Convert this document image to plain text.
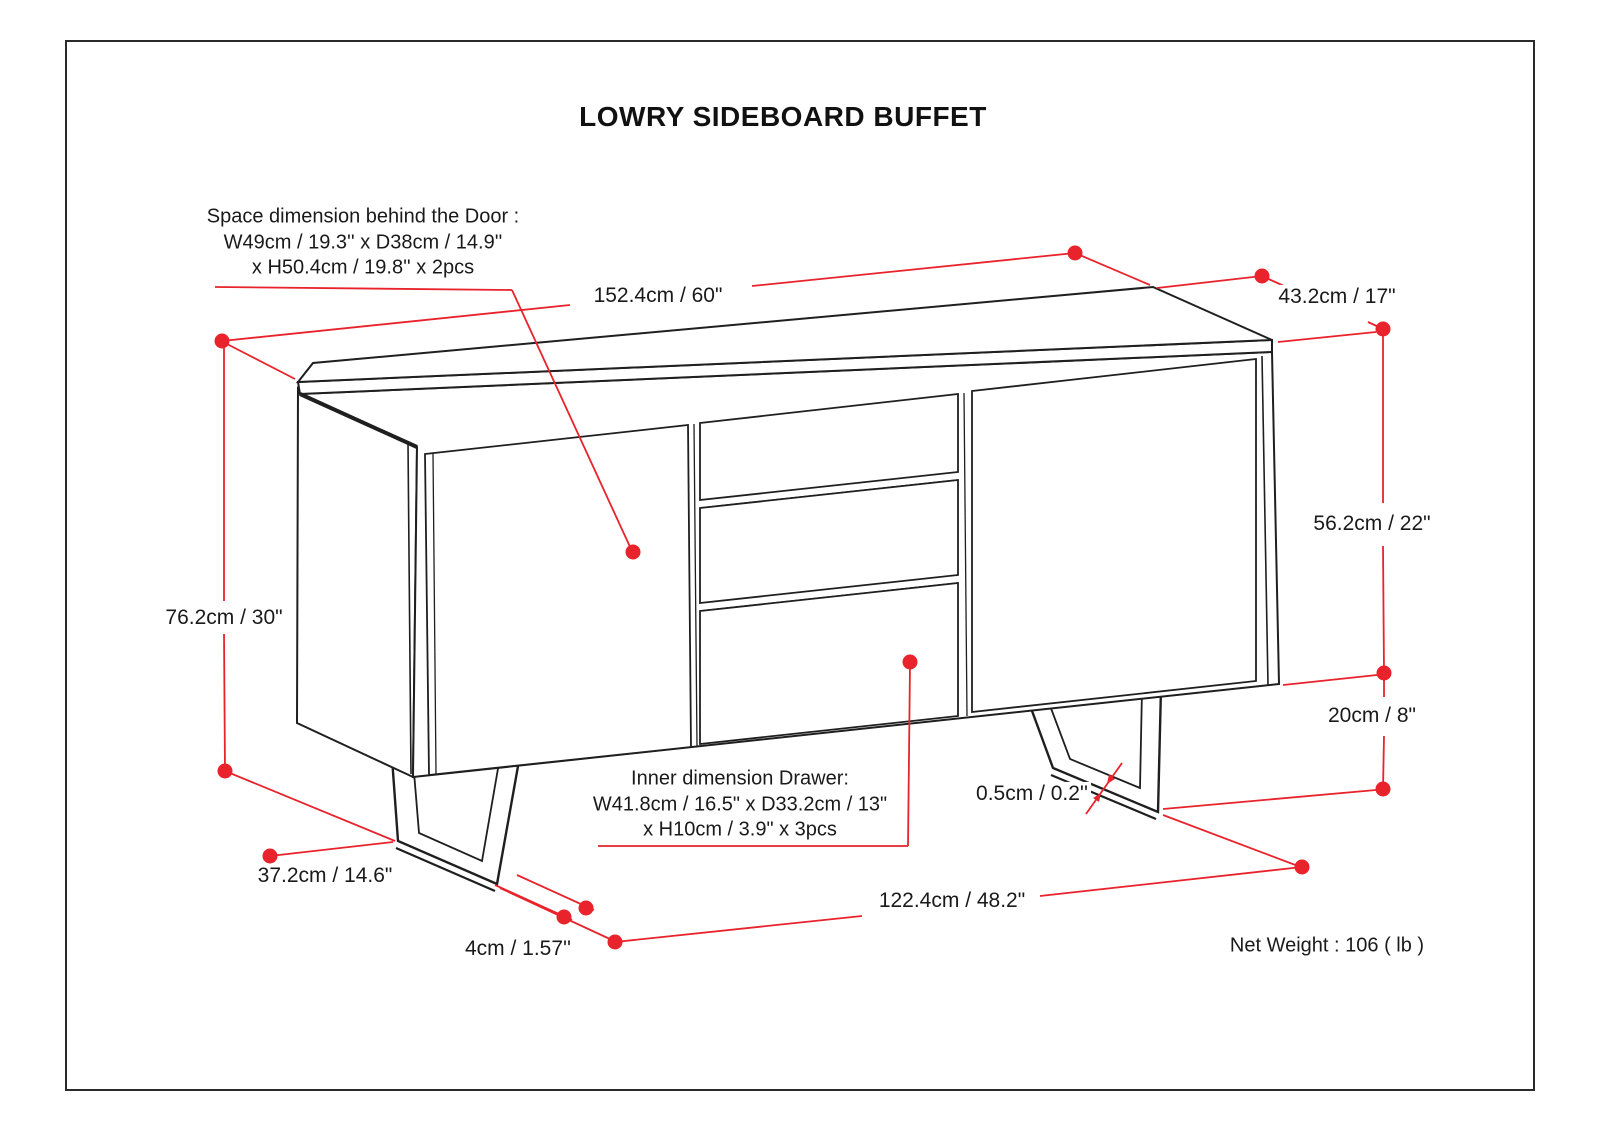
LOWRY SIDEBOARD BUFFET
Space dimension behind the Door :
W49cm / 19.3'' x D38cm / 14.9''
x H50.4cm / 19.8'' x 2pcs
Inner dimension Drawer:
W41.8cm / 16.5" x D33.2cm / 13"
x H10cm / 3.9" x 3pcs
152.4cm / 60"	43.2cm / 17"
56.2cm / 22"
20cm / 8"
76.2cm / 30"
37.2cm / 14.6"
4cm / 1.57''
0.5cm / 0.2''
122.4cm / 48.2"
Net Weight : 106 ( lb )
